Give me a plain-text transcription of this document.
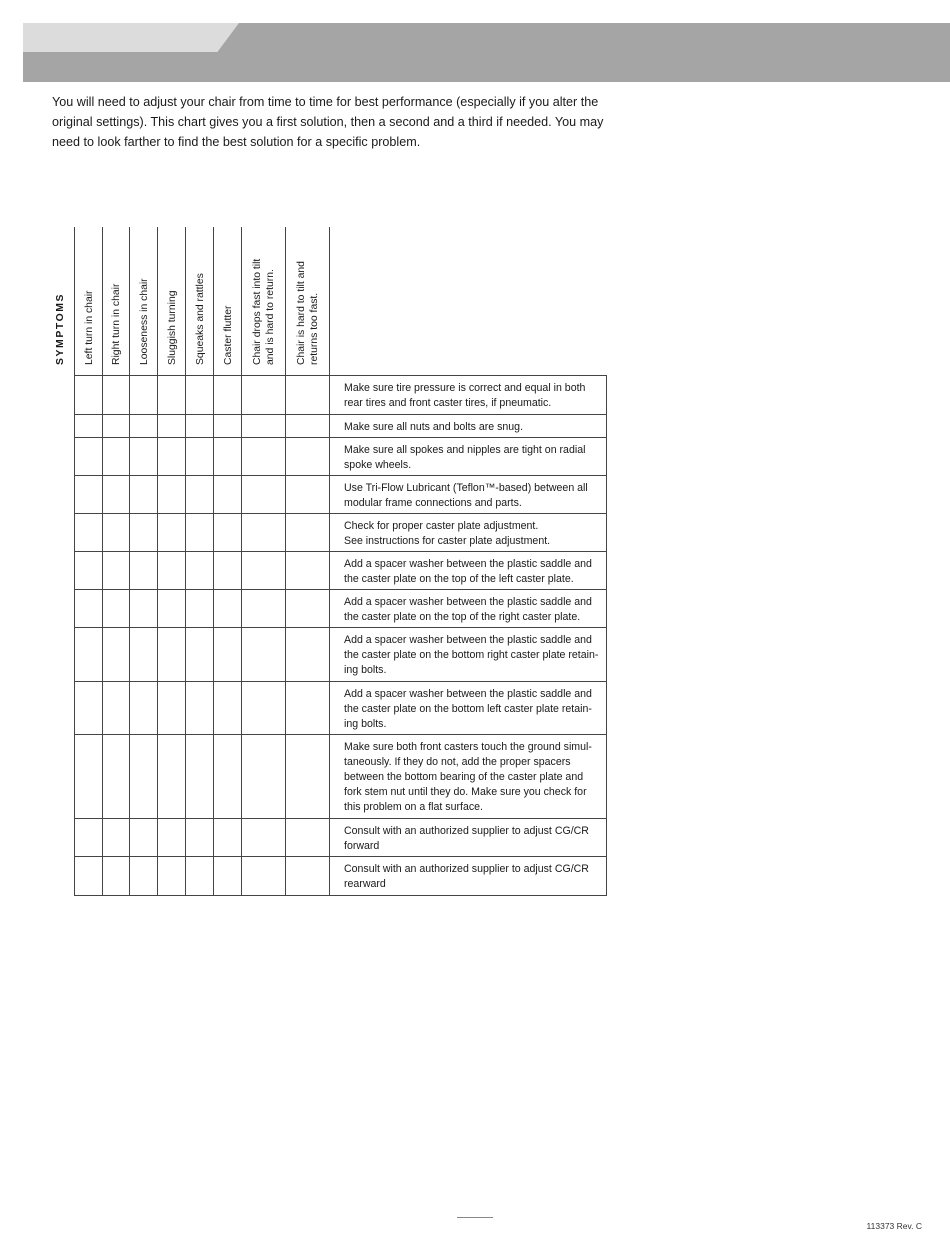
You will need to adjust your chair from time to time for best performance (especially if you alter the original settings). This chart gives you a first solution, then a second and a third if needed. You may need to look farther to find the best solution for a specific problem.

SYMPTOMS Left turn in chair Right turn in chair Looseness in chair Sluggish turning Squeaks and rattles Caster flutter Chair drops fast into tilt
and is hard to return.
Chair is hard to tilt and
returns too fast.
Make sure tire pressure is correct and equal in both rear tires and front caster tires, if pneumatic.
Make sure all nuts and bolts are snug.
Make sure all spokes and nipples are tight on radial spoke wheels.
Use Tri-Flow Lubricant (Teflon™-based) between all modular frame connections and parts.
Check for proper caster plate adjustment.
See instructions for caster plate adjustment.
Add a spacer washer between the plastic saddle and the caster plate on the top of the left caster plate.
Add a spacer washer between the plastic saddle and the caster plate on the top of the right caster plate.
Add a spacer washer between the plastic saddle and the caster plate on the bottom right caster plate retain-ing bolts.
Add a spacer washer between the plastic saddle and the caster plate on the bottom left caster plate retain-ing bolts.
Make sure both front casters touch the ground simul-taneously. If they do not, add the proper spacers between the bottom bearing of the caster plate and fork stem nut until they do. Make sure you check for this problem on a flat surface.
Consult with an authorized supplier to adjust CG/CR forward
Consult with an authorized supplier to adjust CG/CR rearward
113373 Rev. C
